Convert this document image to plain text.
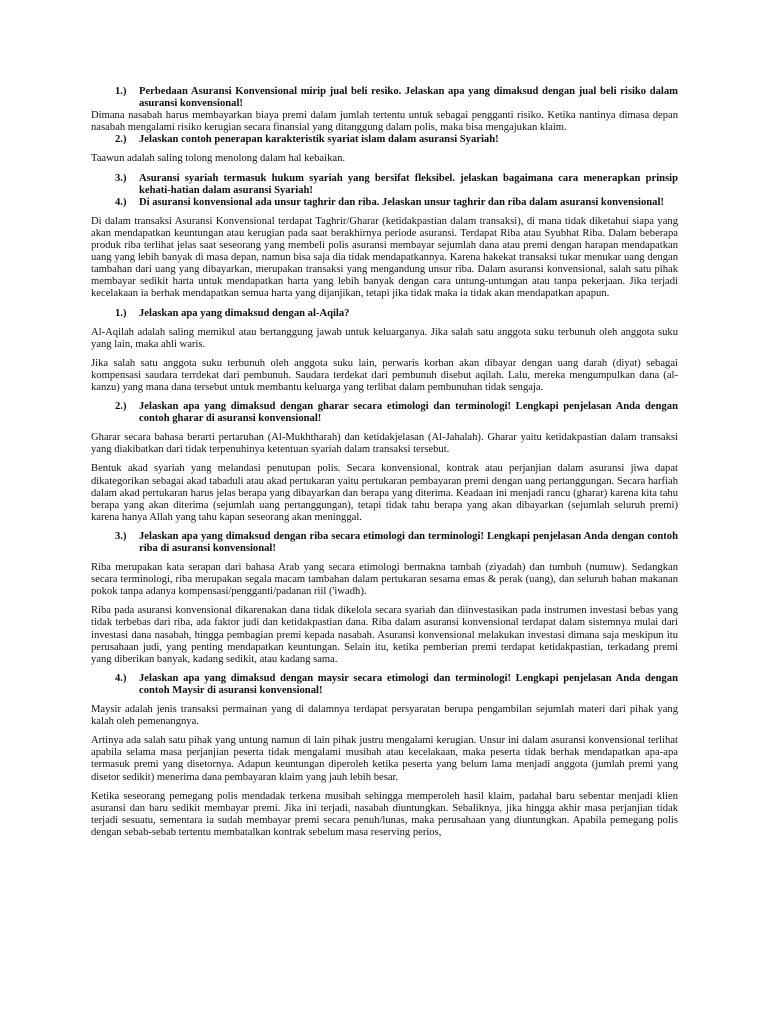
1.)	Perbedaan Asuransi Konvensional mirip jual beli resiko. Jelaskan apa yang dimaksud dengan jual beli risiko dalam asuransi konvensional!

Dimana nasabah harus membayarkan biaya premi dalam jumlah tertentu untuk sebagai pengganti risiko. Ketika nantinya dimasa depan nasabah mengalami risiko kerugian secara finansial yang ditanggung dalam polis, maka bisa mengajukan klaim.

2.)	Jelaskan contoh penerapan karakteristik syariat islam dalam asuransi Syariah!

Taawun adalah saling tolong menolong dalam hal kebaikan.

3.)	Asuransi syariah termasuk hukum syariah yang bersifat fleksibel. jelaskan bagaimana cara menerapkan prinsip kehati-hatian dalam asuransi Syariah!
4.)	Di asuransi konvensional ada unsur taghrir dan riba. Jelaskan unsur taghrir dan riba dalam asuransi konvensional!

Di dalam transaksi Asuransi Konvensional terdapat Taghrir/Gharar (ketidakpastian dalam transaksi), di mana tidak diketahui siapa yang akan mendapatkan keuntungan atau kerugian pada saat berakhirnya periode asuransi. Terdapat Riba atau Syubhat Riba. Dalam beberapa produk riba terlihat jelas saat seseorang yang membeli polis asuransi membayar sejumlah dana atau premi dengan harapan mendapatkan uang yang lebih banyak di masa depan, namun bisa saja dia tidak mendapatkannya. Karena hakekat transaksi tukar menukar uang dengan tambahan dari uang yang dibayarkan, merupakan transaksi yang mengandung unsur riba. Dalam asuransi konvensional, salah satu pihak membayar sedikit harta untuk mendapatkan harta yang lebih banyak dengan cara untung-untungan atau tanpa pekerjaan. Jika terjadi kecelakaan ia berhak mendapatkan semua harta yang dijanjikan, tetapi jika tidak maka ia tidak akan mendapatkan apapun.

1.)	Jelaskan apa yang dimaksud dengan al-Aqila?

Al-Aqilah adalah saling memikul atau bertanggung jawab untuk keluarganya. Jika salah satu anggota suku terbunuh oleh anggota suku yang lain, maka ahli waris.

Jika salah satu anggota suku terbunuh oleh anggota suku lain, perwaris korban akan dibayar dengan uang darah (diyat) sebagai kompensasi saudara terrdekat dari pembunuh. Saudara terdekat dari pembunuh disebut aqilah. Lalu, mereka mengumpulkan dana (al-kanzu) yang mana dana tersebut untuk membantu keluarga yang terlibat dalam pembunuhan tidak sengaja.

2.)	Jelaskan apa yang dimaksud dengan gharar secara etimologi dan terminologi! Lengkapi penjelasan Anda dengan contoh gharar di asuransi konvensional!

Gharar secara bahasa berarti pertaruhan (Al-Mukhtharah) dan ketidakjelasan (Al-Jahalah). Gharar yaitu ketidakpastian dalam transaksi yang diakibatkan dari tidak terpenuhinya ketentuan syariah dalam transaksi tersebut.

Bentuk akad syariah yang melandasi penutupan polis. Secara konvensional, kontrak atau perjanjian dalam asuransi jiwa dapat dikategorikan sebagai akad tabaduli atau akad pertukaran yaitu pertukaran pembayaran premi dengan uang pertanggungan. Secara harfiah dalam akad pertukaran harus jelas berapa yang dibayarkan dan berapa yang diterima. Keadaan ini menjadi rancu (gharar) karena kita tahu berapa yang akan diterima (sejumlah uang pertanggungan), tetapi tidak tahu berapa yang akan dibayarkan (sejumlah seluruh premi) karena hanya Allah yang tahu kapan seseorang akan meninggal.

3.)	Jelaskan apa yang dimaksud dengan riba secara etimologi dan terminologi! Lengkapi penjelasan Anda dengan contoh riba di asuransi konvensional!

Riba merupakan kata serapan dari bahasa Arab yang secara etimologi bermakna tambah (ziyadah) dan tumbuh (numuw). Sedangkan secara terminologi, riba merupakan segala macam tambahan dalam pertukaran sesama emas & perak (uang), dan seluruh bahan makanan pokok tanpa adanya kompensasi/pengganti/padanan riil ('iwadh).

Riba pada asuransi konvensional dikarenakan dana tidak dikelola secara syariah dan diinvestasikan pada instrumen investasi bebas yang tidak terbebas dari riba, ada faktor judi dan ketidakpastian dana. Riba dalam asuransi konvensional terdapat dalam sistemnya mulai dari investasi dana nasabah, hingga pembagian premi kepada nasabah. Asuransi konvensional melakukan investasi dimana saja meskipun itu perusahaan judi, yang penting mendapatkan keuntungan. Selain itu, ketika pemberian premi terdapat ketidakpastian, terkadang premi yang diberikan banyak, kadang sedikit, atau kadang sama.

4.)	Jelaskan apa yang dimaksud dengan maysir secara etimologi dan terminologi! Lengkapi penjelasan Anda dengan contoh Maysir di asuransi konvensional!

Maysir adalah jenis transaksi permainan yang di dalamnya terdapat persyaratan berupa pengambilan sejumlah materi dari pihak yang kalah oleh pemenangnya.

Artinya ada salah satu pihak yang untung namun di lain pihak justru mengalami kerugian. Unsur ini dalam asuransi konvensional terlihat apabila selama masa perjanjian peserta tidak mengalami musibah atau kecelakaan, maka peserta tidak berhak mendapatkan apa-apa termasuk premi yang disetornya. Adapun keuntungan diperoleh ketika peserta yang belum lama menjadi anggota (jumlah premi yang disetor sedikit) menerima dana pembayaran klaim yang jauh lebih besar.

Ketika seseorang pemegang polis mendadak terkena musibah sehingga memperoleh hasil klaim, padahal baru sebentar menjadi klien asuransi dan baru sedikit membayar premi. Jika ini terjadi, nasabah diuntungkan. Sebaliknya, jika hingga akhir masa perjanjian tidak terjadi sesuatu, sementara ia sudah membayar premi secara penuh/lunas, maka perusahaan yang diuntungkan. Apabila pemegang polis dengan sebab-sebab tertentu membatalkan kontrak sebelum masa reserving perios,
